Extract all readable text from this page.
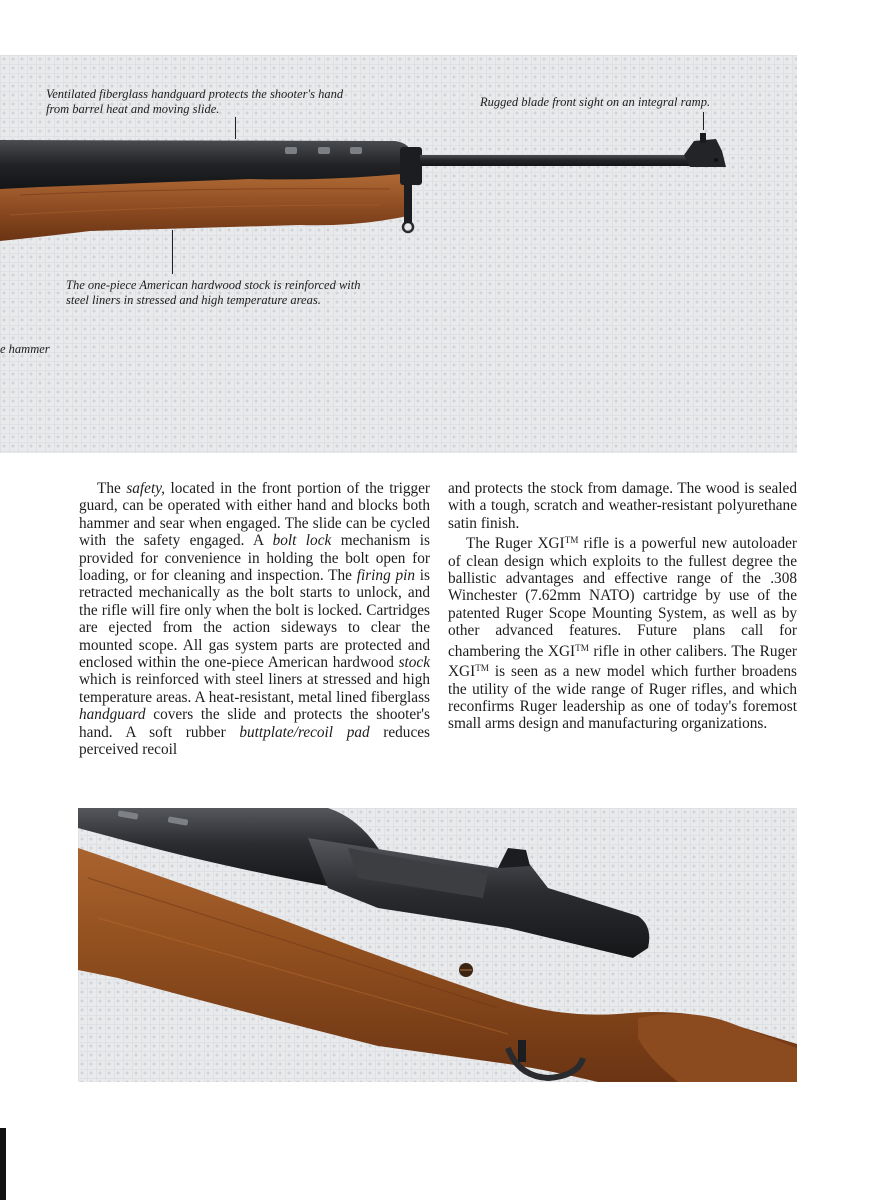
Ventilated fiberglass handguard protects the shooter's hand
from barrel heat and moving slide.	Rugged blade front sight on an integral ramp.

The one-piece American hardwood stock is reinforced with
steel liners in stressed and high temperature areas.

e hammer

The safety, located in the front portion of the trigger guard, can be operated with either hand and blocks both hammer and sear when engaged. The slide can be cycled with the safety engaged. A bolt lock mechanism is provided for convenience in holding the bolt open for loading, or for cleaning and inspection. The firing pin is retracted mechanically as the bolt starts to unlock, and the rifle will fire only when the bolt is locked. Cartridges are ejected from the action sideways to clear the mounted scope. All gas system parts are protected and enclosed within the one-piece American hardwood stock which is reinforced with steel liners at stressed and high temperature areas. A heat-resistant, metal lined fiberglass handguard covers the slide and protects the shooter's hand. A soft rubber buttplate/recoil pad reduces perceived recoil

and protects the stock from damage. The wood is sealed with a tough, scratch and weather-resistant polyurethane satin finish.

The Ruger XGI™ rifle is a powerful new autoloader of clean design which exploits to the fullest degree the ballistic advantages and effective range of the .308 Winchester (7.62mm NATO) cartridge by use of the patented Ruger Scope Mounting System, as well as by other advanced features. Future plans call for chambering the XGI™ rifle in other calibers. The Ruger XGI™ is seen as a new model which further broadens the utility of the wide range of Ruger rifles, and which reconfirms Ruger leadership as one of today's foremost small arms design and manufacturing organizations.
